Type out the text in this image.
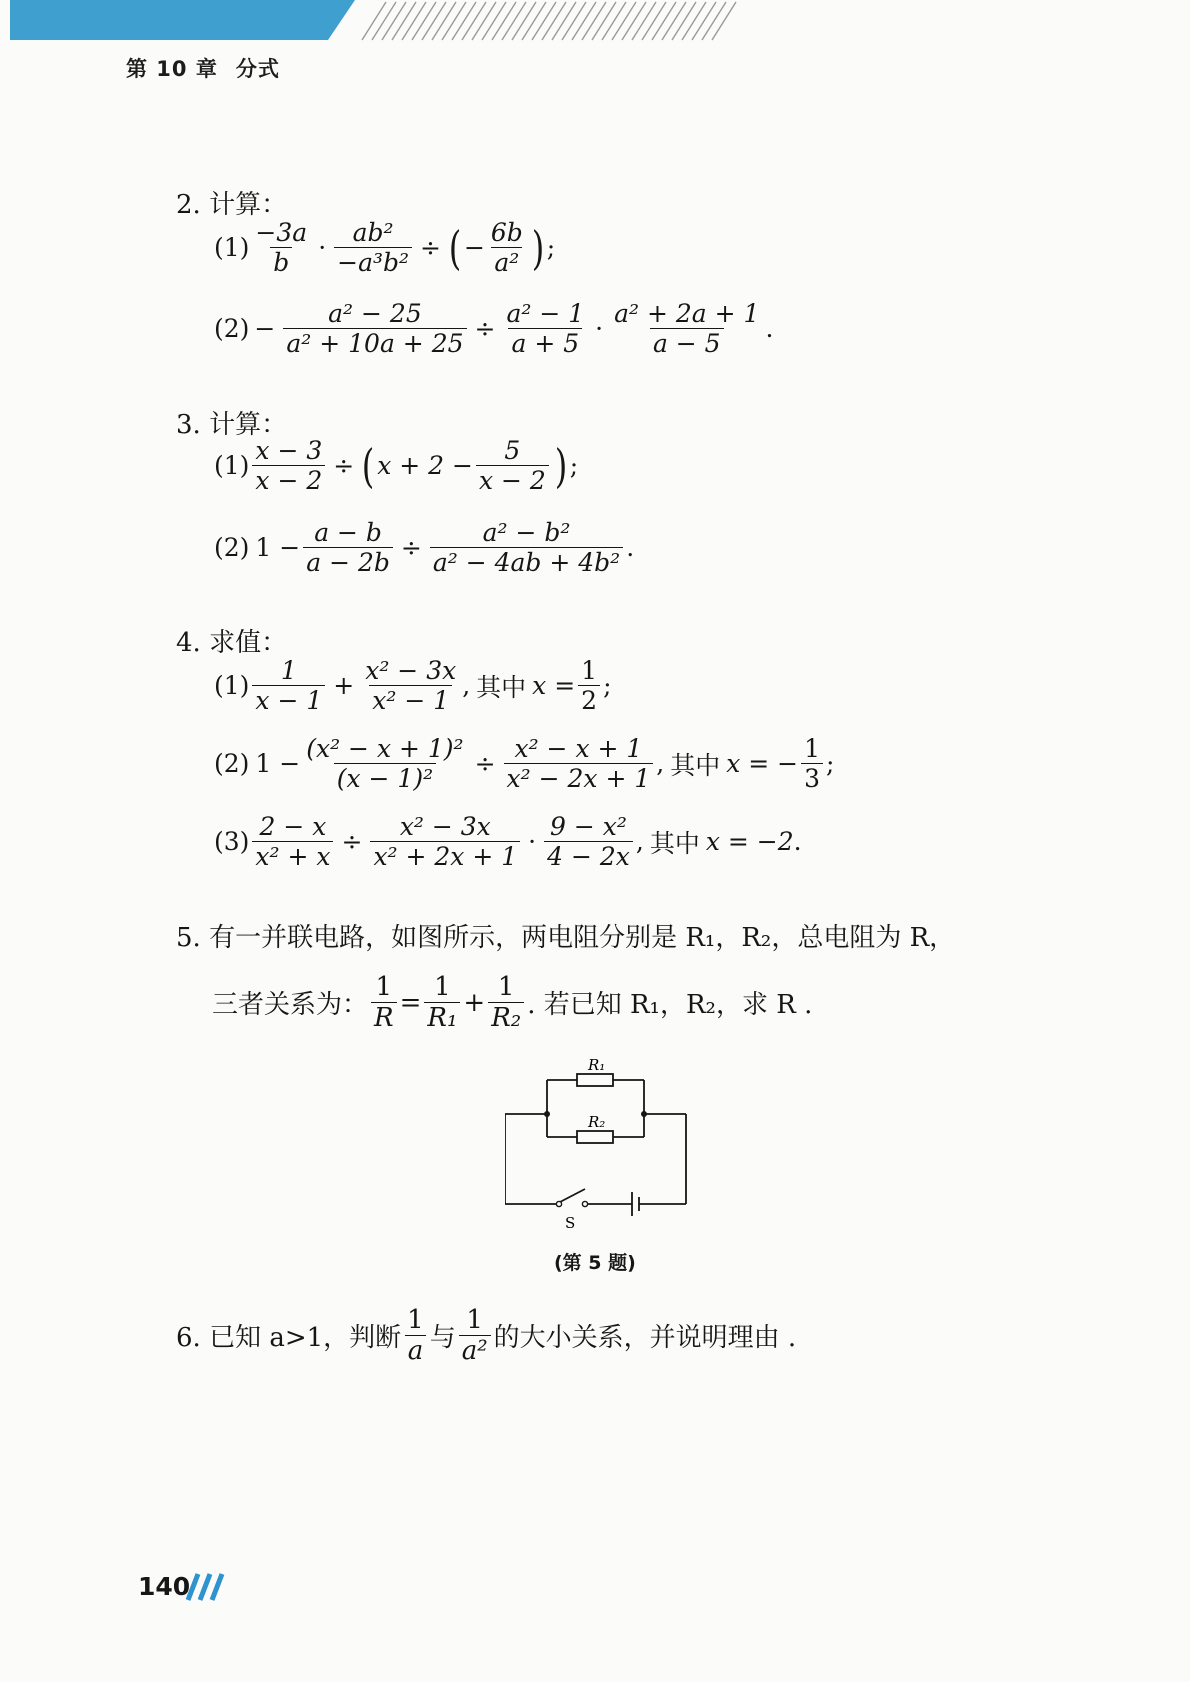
第 10 章 分式
2. 计算：
$(1) \frac{-3a}{b} \cdot \frac{\text{ab²}}{\text{−a³b²}}$ ÷ ( − $\frac{6b}{\text{a²}}$ ) ;
$(2) - \frac{\text{a² − 25}}{\text{a² + 10a + 25}} \div \frac{\text{a² − 1}}{a + 5} \cdot \frac{\text{a² + 2a + 1}}{a - 5}$ .
3. 计算：
$(1) \frac{x - 3}{x - 2}$ ÷ ( $x + 2 - \frac{5}{x - 2}$ ) ;
(2) $1 - \frac{a - b}{a - 2b} \div \frac{\text{a² − b²}}{\text{a² − 4ab + 4b²}}$ .
4. 求值：
$(1) \frac{1}{x - 1} + \frac{\text{x² − 3x}}{\text{x² − 1}}$ , 其中 $x = \frac{1}{2}$ ;
(2) $1 - \frac{\text{(x² − x + 1)²}}{\text{(x − 1)²}} \div \frac{\text{x² − x + 1}}{\text{x² − 2x + 1}}$ , 其中 x = − $\frac{1}{3}$ ;
$(3) \frac{2 - x}{\text{x² + x}} \div \frac{\text{x² − 3x}}{\text{x² + 2x + 1}} \cdot \frac{\text{9 − x²}}{4 - 2x}$ , 其中 x = −2 .
5. 有一并联电路，如图所示，两电阻分别是 R₁，R₂，总电阻为 R，
三者关系为： $\frac{1}{R} = \frac{1}{\text{R₁}} + \frac{1}{\text{R₂}}$ . 若已知 R₁，R₂，求 R .
R₁
R₂
S
(第 5 题)
6. 已知 a>1，判断 $\frac{1}{a}$ 与 $\frac{1}{\text{a²}}$ 的大小关系，并说明理由 .
140
